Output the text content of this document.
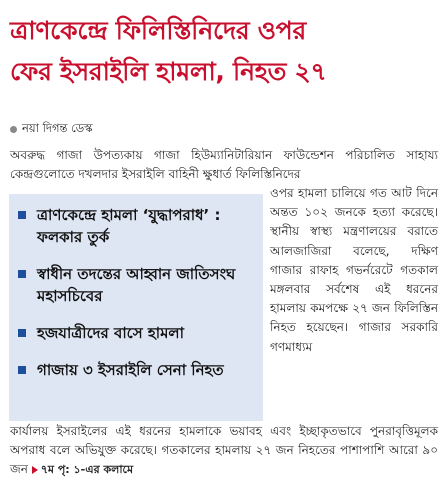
ত্রাণকেন্দ্রে ফিলিস্তিনিদের ওপর
ফের ইসরাইলি হামলা, নিহত ২৭
নয়া দিগন্ত ডেস্ক
অবরুদ্ধ গাজা উপত্যকায় গাজা হিউম্যানিটারিয়ান ফাউন্ডেশন পরিচালিত সাহায্য কেন্দ্রগুলোতে দখলদার ইসরাইলি বাহিনী ক্ষুধার্ত ফিলিস্তিনিদের
ওপর হামলা চালিয়ে গত আট দিনে অন্তত ১০২ জনকে হত্যা করেছে। স্থানীয় স্বাস্থ্য মন্ত্রণালয়ের বরাতে আলজাজিরা বলেছে, দক্ষিণ গাজার রাফাহ গভর্নরেটে গতকাল মঙ্গলবার সর্বশেষ এই ধরনের হামলায় কমপক্ষে ২৭ জন ফিলিস্তিন নিহত হয়েছেন। গাজার সরকারি গণমাধ্যম
ত্রাণকেন্দ্রে হামলা ‘যুদ্ধাপরাধ’ : ফলকার তুর্ক
স্বাধীন তদন্তের আহ্বান জাতিসংঘ মহাসচিবের
হজযাত্রীদের বাসে হামলা
গাজায় ৩ ইসরাইলি সেনা নিহত
কার্যালয় ইসরাইলের এই ধরনের হামলাকে ভয়াবহ এবং ইচ্ছাকৃতভাবে পুনরাবৃত্তিমূলক অপরাধ বলে অভিযুক্ত করেছে। গতকালের হামলায় ২৭ জন নিহতের পাশাপাশি আরো ৯০ জন ৭ম পৃ: ১-এর কলামে
